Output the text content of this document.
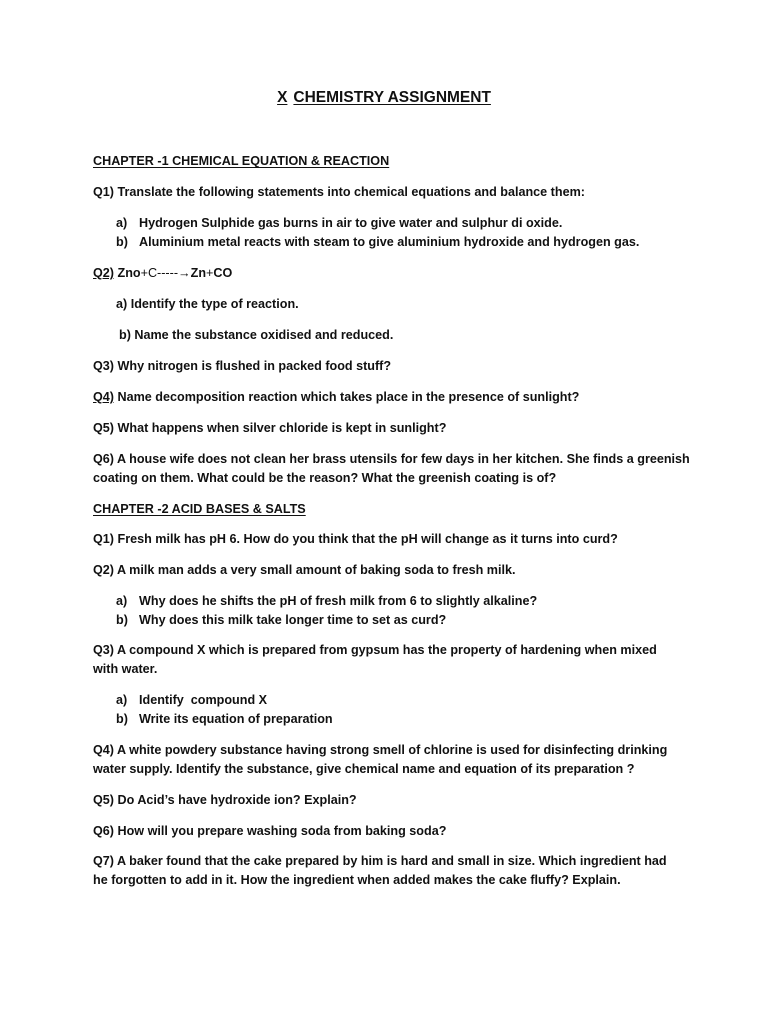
X CHEMISTRY ASSIGNMENT
CHAPTER -1 CHEMICAL EQUATION & REACTION
Q1) Translate the following statements into chemical equations and balance them:
a) Hydrogen Sulphide gas burns in air to give water and sulphur di oxide.
b) Aluminium metal reacts with steam to give aluminium hydroxide and hydrogen gas.
Q2) Zno+C-----→Zn+CO
a) Identify the type of reaction.
b) Name the substance oxidised and reduced.
Q3) Why nitrogen is flushed in packed food stuff?
Q4) Name decomposition reaction which takes place in the presence of sunlight?
Q5) What happens when silver chloride is kept in sunlight?
Q6) A house wife does not clean her brass utensils for few days in her kitchen. She finds a greenish
coating on them. What could be the reason? What the greenish coating is of?
CHAPTER -2 ACID BASES & SALTS
Q1) Fresh milk has pH 6. How do you think that the pH will change as it turns into curd?
Q2) A milk man adds a very small amount of baking soda to fresh milk.
a) Why does he shifts the pH of fresh milk from 6 to slightly alkaline?
b) Why does this milk take longer time to set as curd?
Q3) A compound X which is prepared from gypsum has the property of hardening when mixed
with water.
a) Identify  compound X
b) Write its equation of preparation
Q4) A white powdery substance having strong smell of chlorine is used for disinfecting drinking
water supply. Identify the substance, give chemical name and equation of its preparation ?
Q5) Do Acid’s have hydroxide ion? Explain?
Q6) How will you prepare washing soda from baking soda?
Q7) A baker found that the cake prepared by him is hard and small in size. Which ingredient had
he forgotten to add in it. How the ingredient when added makes the cake fluffy? Explain.
